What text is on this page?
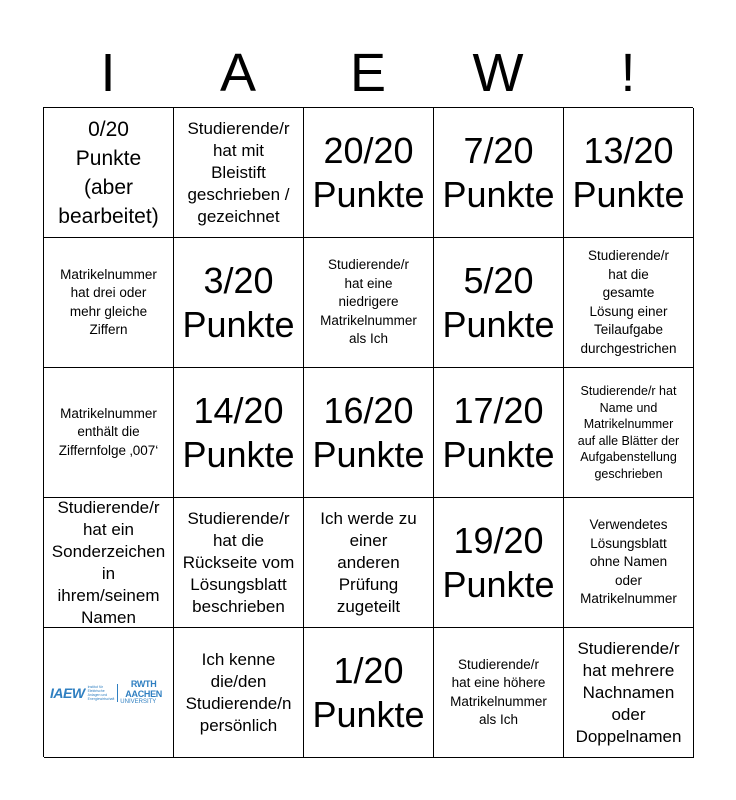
I	A	E	W	!
0/20
Punkte
(aber
bearbeitet)
Studierende/r
hat mit
Bleistift
geschrieben /
gezeichnet
20/20
Punkte
7/20
Punkte
13/20
Punkte
Matrikelnummer
hat drei oder
mehr gleiche
Ziffern
3/20
Punkte
Studierende/r
hat eine
niedrigere
Matrikelnummer
als Ich
5/20
Punkte
Studierende/r
hat die
gesamte
Lösung einer
Teilaufgabe
durchgestrichen
Matrikelnummer
enthält die
Ziffernfolge ‚007‘
14/20
Punkte
16/20
Punkte
17/20
Punkte
Studierende/r hat
Name und
Matrikelnummer
auf alle Blätter der
Aufgabenstellung
geschrieben
Studierende/r
hat ein
Sonderzeichen
in ihrem/seinem
Namen
Studierende/r
hat die
Rückseite vom
Lösungsblatt
beschrieben
Ich werde zu
einer
anderen
Prüfung
zugeteilt
19/20
Punkte
Verwendetes
Lösungsblatt
ohne Namen
oder
Matrikelnummer
IAEW Institut für Elektrische Anlagen und Energiewirtschaft
RWTH AACHEN
UNIVERSITY
Ich kenne
die/den
Studierende/n
persönlich
1/20
Punkte
Studierende/r
hat eine höhere
Matrikelnummer
als Ich
Studierende/r
hat mehrere
Nachnamen
oder
Doppelnamen
